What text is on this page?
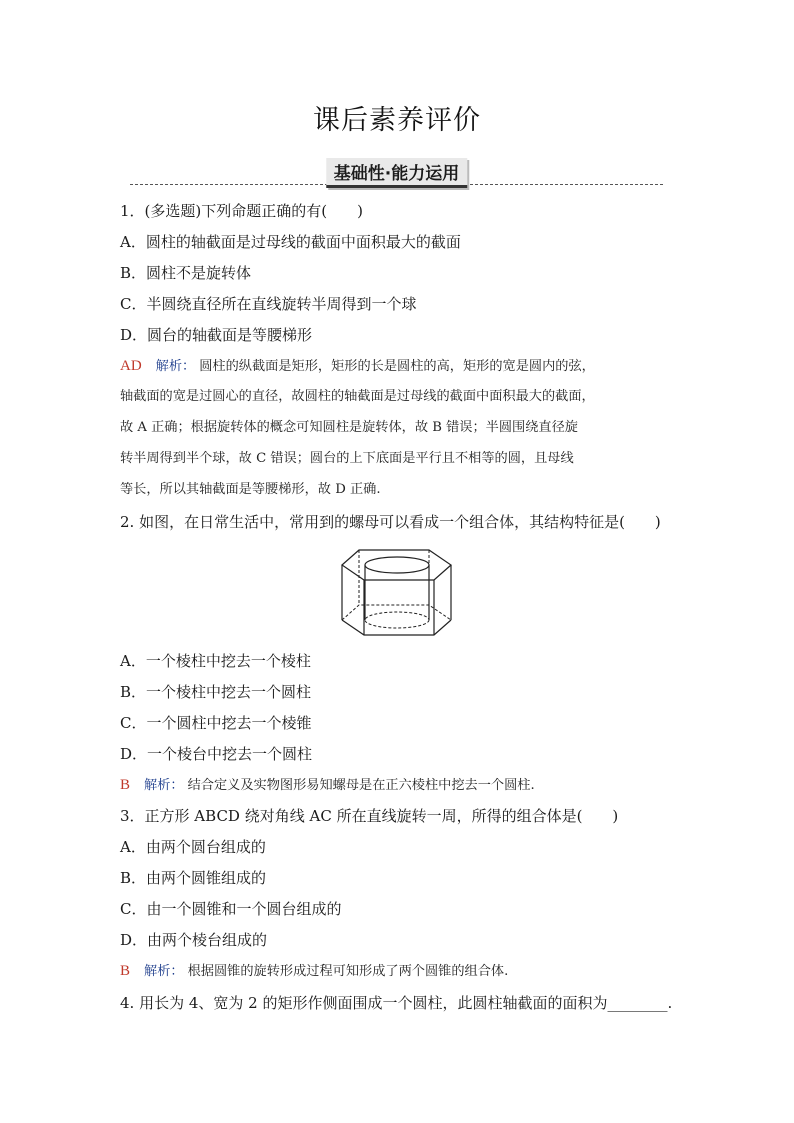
课后素养评价
基础性·能力运用
1．(多选题)下列命题正确的有(　　)
A．圆柱的轴截面是过母线的截面中面积最大的截面
B．圆柱不是旋转体
C．半圆绕直径所在直线旋转半周得到一个球
D．圆台的轴截面是等腰梯形
AD 解析： 圆柱的纵截面是矩形，矩形的长是圆柱的高，矩形的宽是圆内的弦，
轴截面的宽是过圆心的直径，故圆柱的轴截面是过母线的截面中面积最大的截面，
故 A 正确；根据旋转体的概念可知圆柱是旋转体，故 B 错误；半圆围绕直径旋
转半周得到半个球，故 C 错误；圆台的上下底面是平行且不相等的圆，且母线
等长，所以其轴截面是等腰梯形，故 D 正确.
2. 如图，在日常生活中，常用到的螺母可以看成一个组合体，其结构特征是(　　)
A．一个棱柱中挖去一个棱柱
B．一个棱柱中挖去一个圆柱
C．一个圆柱中挖去一个棱锥
D．一个棱台中挖去一个圆柱
B 解析： 结合定义及实物图形易知螺母是在正六棱柱中挖去一个圆柱.
3．正方形 ABCD 绕对角线 AC 所在直线旋转一周，所得的组合体是(　　)
A．由两个圆台组成的
B．由两个圆锥组成的
C．由一个圆锥和一个圆台组成的
D．由两个棱台组成的
B 解析： 根据圆锥的旋转形成过程可知形成了两个圆锥的组合体.
4. 用长为 4、宽为 2 的矩形作侧面围成一个圆柱，此圆柱轴截面的面积为________.
